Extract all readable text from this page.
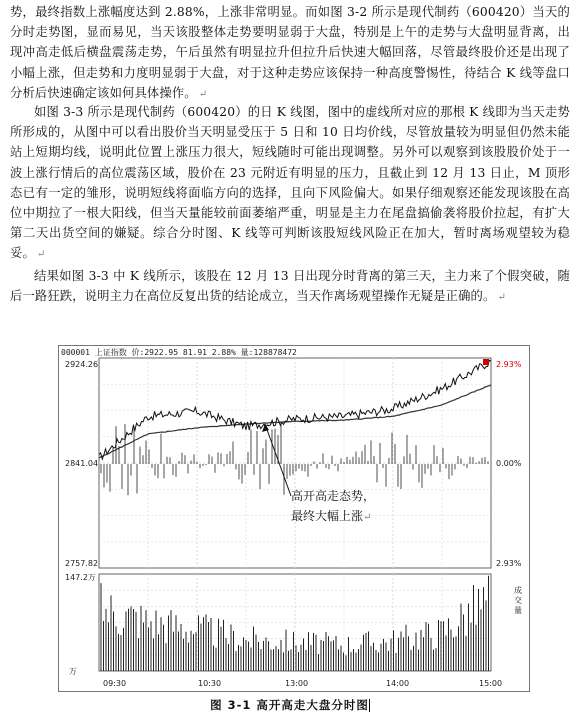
势，最终指数上涨幅度达到 2.88%，上涨非常明显。而如图 3-2 所示是现代制药（600420）当天的分时走势图，显而易见，当天该股整体走势要明显弱于大盘，特别是上午的走势与大盘明显背离，出现冲高走低后横盘震荡走势，午后虽然有明显拉升但拉升后快速大幅回落，尽管最终股价还是出现了小幅上涨，但走势和力度明显弱于大盘，对于这种走势应该保持一种高度警惕性，待结合 K 线等盘口分析后快速确定该如何具体操作。 ↵

如图 3-3 所示是现代制药（600420）的日 K 线图，图中的虚线所对应的那根 K 线即为当天走势所形成的，从图中可以看出股价当天明显受压于 5 日和 10 日均价线，尽管放量较为明显但仍然未能站上短期均线，说明此位置上涨压力很大，短线随时可能出现调整。另外可以观察到该股股价处于一波上涨行情后的高位震荡区域，股价在 23 元附近有明显的压力，且截止到 12 月 13 日止，M 顶形态已有一定的雏形，说明短线将面临方向的选择，且向下风险偏大。如果仔细观察还能发现该股在高位中期拉了一根大阳线，但当天量能较前面萎缩严重，明显是主力在尾盘搞偷袭将股价拉起，有扩大第二天出货空间的嫌疑。综合分时图、K 线等可判断该股短线风险正在加大，暂时离场观望较为稳妥。 ↵

结果如图 3-3 中 K 线所示，该股在 12 月 13 日出现分时背离的第三天，主力来了个假突破，随后一路狂跌，说明主力在高位反复出货的结论成立，当天作离场观望操作无疑是正确的。 ↵

000001 上证指数 价:2922.95 81.91 2.88% 量:128878472
2924.26
2841.04
2757.82
147.2万
万
2.93%
0.00%
2.93%
成交量
09:30	10:30	13:00	14:00	15:00
高开高走态势，
最终大幅上涨↵
图 3-1 高开高走大盘分时图
